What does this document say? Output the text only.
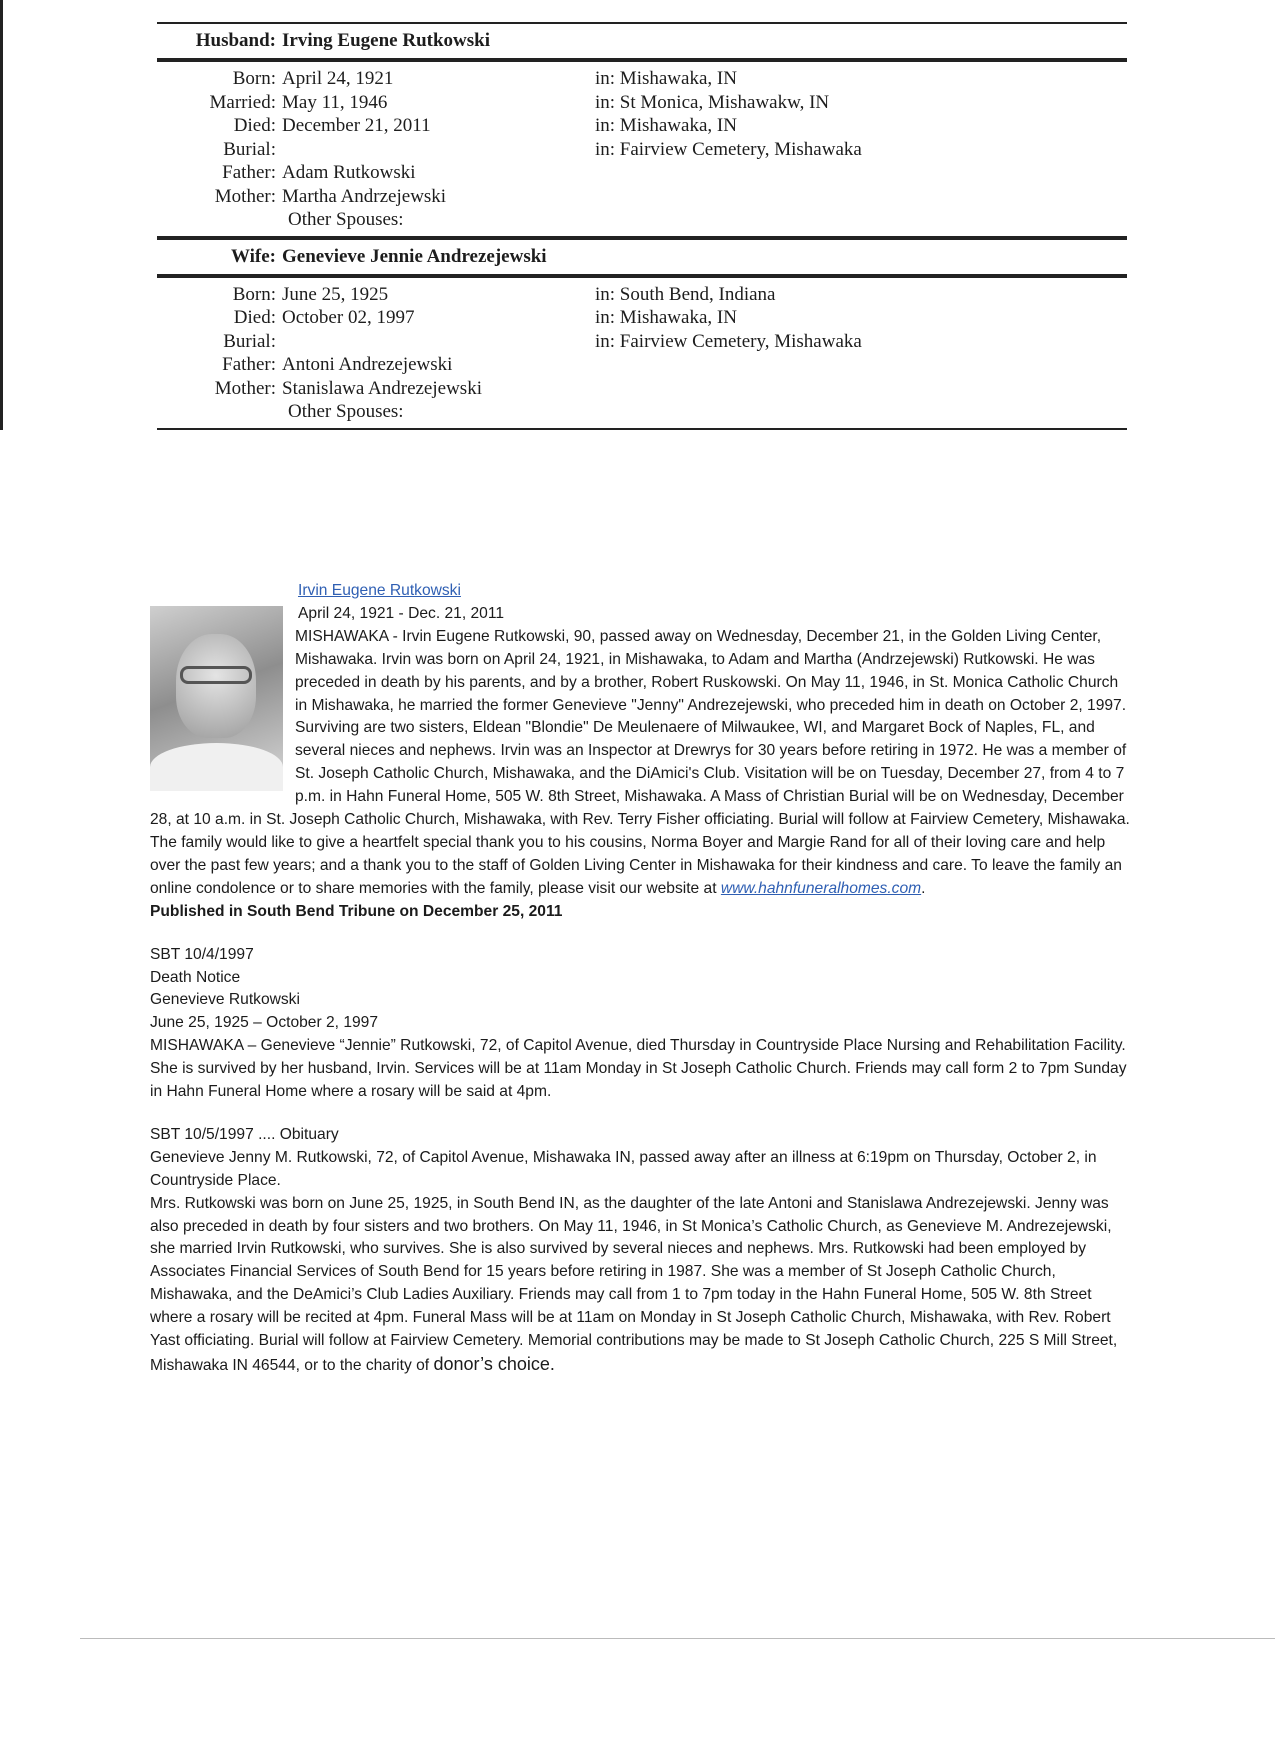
Husband: Irving Eugene Rutkowski
Born: April 24, 1921	in: Mishawaka, IN
Married: May 11, 1946	in: St Monica, Mishawakw, IN
Died: December 21, 2011	in: Mishawaka, IN
Burial:	in: Fairview Cemetery, Mishawaka
Father: Adam Rutkowski
Mother: Martha Andrzejewski
Other Spouses:
Wife: Genevieve Jennie Andrezejewski
Born: June 25, 1925	in: South Bend, Indiana
Died: October 02, 1997	in: Mishawaka, IN
Burial:	in: Fairview Cemetery, Mishawaka
Father: Antoni Andrezejewski
Mother: Stanislawa Andrezejewski
Other Spouses:
Irvin Eugene Rutkowski
April 24, 1921 - Dec. 21, 2011

MISHAWAKA - Irvin Eugene Rutkowski, 90, passed away on Wednesday, December 21, in the Golden Living Center, Mishawaka. Irvin was born on April 24, 1921, in Mishawaka, to Adam and Martha (Andrzejewski) Rutkowski. He was preceded in death by his parents, and by a brother, Robert Ruskowski. On May 11, 1946, in St. Monica Catholic Church in Mishawaka, he married the former Genevieve "Jenny" Andrezejewski, who preceded him in death on October 2, 1997. Surviving are two sisters, Eldean "Blondie" De Meulenaere of Milwaukee, WI, and Margaret Bock of Naples, FL, and several nieces and nephews. Irvin was an Inspector at Drewrys for 30 years before retiring in 1972. He was a member of St. Joseph Catholic Church, Mishawaka, and the DiAmici's Club. Visitation will be on Tuesday, December 27, from 4 to 7 p.m. in Hahn Funeral Home, 505 W. 8th Street, Mishawaka. A Mass of Christian Burial will be on Wednesday, December 28, at 10 a.m. in St. Joseph Catholic Church, Mishawaka, with Rev. Terry Fisher officiating. Burial will follow at Fairview Cemetery, Mishawaka. The family would like to give a heartfelt special thank you to his cousins, Norma Boyer and Margie Rand for all of their loving care and help over the past few years; and a thank you to the staff of Golden Living Center in Mishawaka for their kindness and care. To leave the family an online condolence or to share memories with the family, please visit our website at www.hahnfuneralhomes.com.

Published in South Bend Tribune on December 25, 2011

SBT 10/4/1997

Death Notice

Genevieve Rutkowski

June 25, 1925 – October 2, 1997

MISHAWAKA – Genevieve “Jennie” Rutkowski, 72, of Capitol Avenue, died Thursday in Countryside Place Nursing and Rehabilitation Facility. She is survived by her husband, Irvin. Services will be at 11am Monday in St Joseph Catholic Church. Friends may call form 2 to 7pm Sunday in Hahn Funeral Home where a rosary will be said at 4pm.

SBT 10/5/1997 .... Obituary

Genevieve Jenny M. Rutkowski, 72, of Capitol Avenue, Mishawaka IN, passed away after an illness at 6:19pm on Thursday, October 2, in Countryside Place.

Mrs. Rutkowski was born on June 25, 1925, in South Bend IN, as the daughter of the late Antoni and Stanislawa Andrezejewski. Jenny was also preceded in death by four sisters and two brothers. On May 11, 1946, in St Monica’s Catholic Church, as Genevieve M. Andrezejewski, she married Irvin Rutkowski, who survives. She is also survived by several nieces and nephews. Mrs. Rutkowski had been employed by Associates Financial Services of South Bend for 15 years before retiring in 1987. She was a member of St Joseph Catholic Church, Mishawaka, and the DeAmici’s Club Ladies Auxiliary. Friends may call from 1 to 7pm today in the Hahn Funeral Home, 505 W. 8th Street where a rosary will be recited at 4pm. Funeral Mass will be at 11am on Monday in St Joseph Catholic Church, Mishawaka, with Rev. Robert Yast officiating. Burial will follow at Fairview Cemetery. Memorial contributions may be made to St Joseph Catholic Church, 225 S Mill Street, Mishawaka IN 46544, or to the charity of donor’s choice.
